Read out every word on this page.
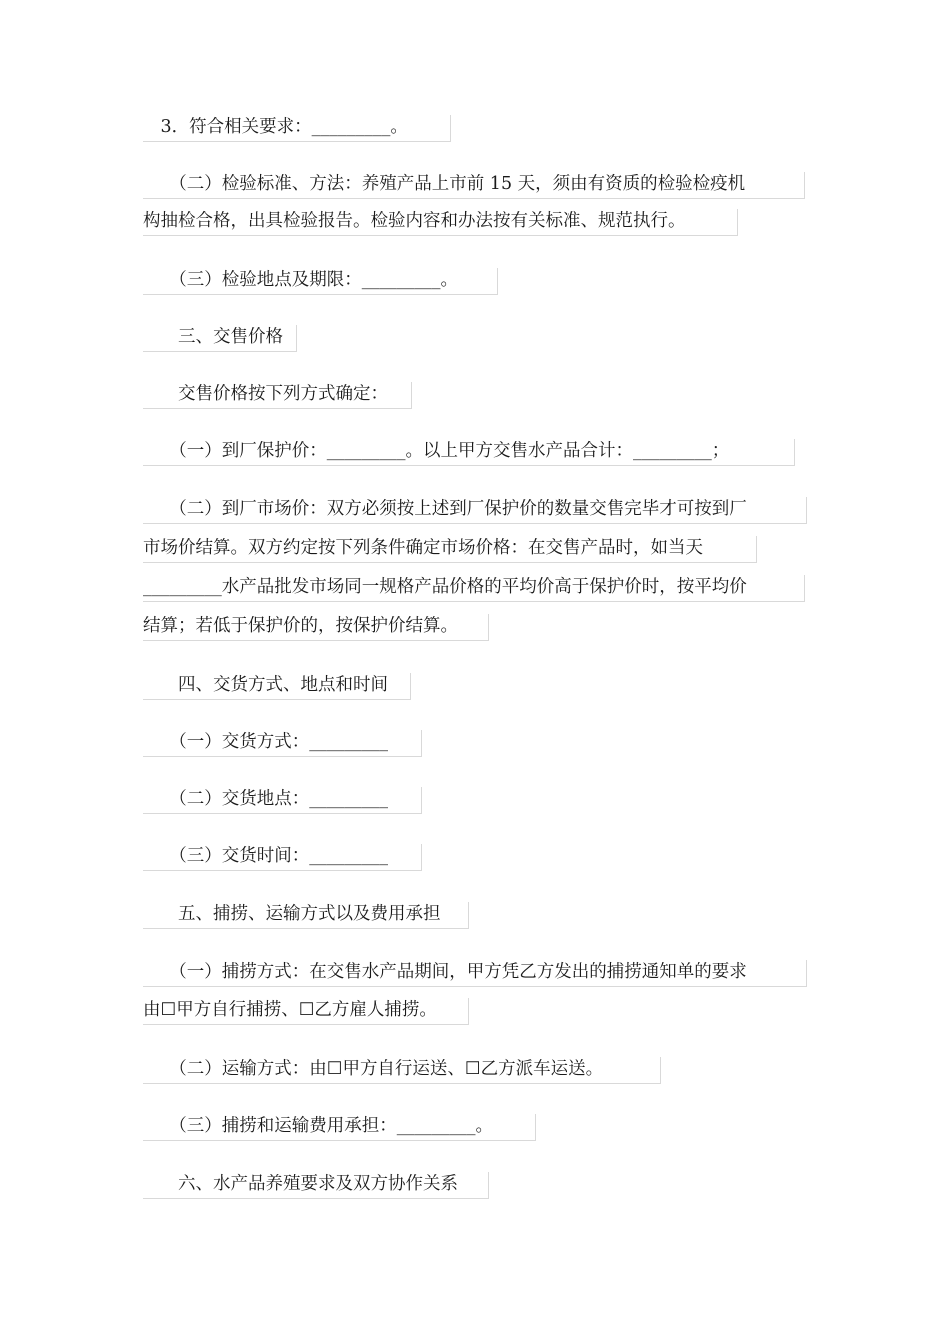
　3．符合相关要求：_________。
　　（二）检验标准、方法：养殖产品上市前 15 天，须由有资质的检验检疫机
构抽检合格，出具检验报告。检验内容和办法按有关标准、规范执行。
　　（三）检验地点及期限：_________。
　　三、交售价格
　　交售价格按下列方式确定：
　　（一）到厂保护价：_________。以上甲方交售水产品合计：_________；
　　（二）到厂市场价：双方必须按上述到厂保护价的数量交售完毕才可按到厂
市场价结算。双方约定按下列条件确定市场价格：在交售产品时，如当天
_________水产品批发市场同一规格产品价格的平均价高于保护价时，按平均价
结算；若低于保护价的，按保护价结算。
　　四、交货方式、地点和时间
　　（一）交货方式：_________
　　（二）交货地点：_________
　　（三）交货时间：_________
　　五、捕捞、运输方式以及费用承担
　　（一）捕捞方式：在交售水产品期间，甲方凭乙方发出的捕捞通知单的要求
由☐甲方自行捕捞、☐乙方雇人捕捞。
　　（二）运输方式：由☐甲方自行运送、☐乙方派车运送。
　　（三）捕捞和运输费用承担：_________。
　　六、水产品养殖要求及双方协作关系
